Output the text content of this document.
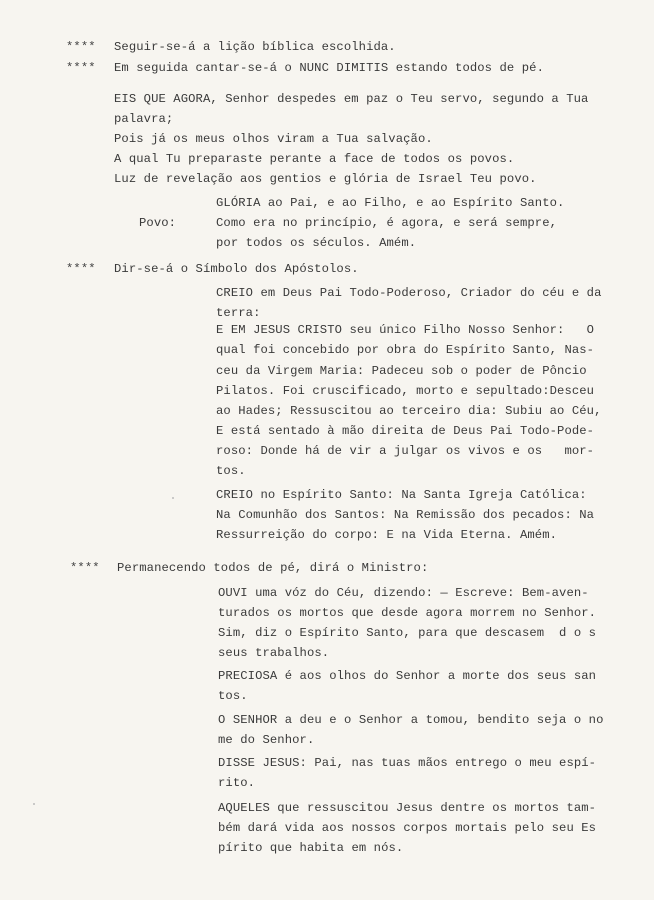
**** Seguir-se-á a lição bíblica escolhida.
**** Em seguida cantar-se-á o NUNC DIMITIS estando todos de pé.
EIS QUE AGORA, Senhor despedes em paz o Teu servo, segundo a Tua
palavra;
Pois já os meus olhos viram a Tua salvação.
A qual Tu preparaste perante a face de todos os povos.
Luz de revelação aos gentios e glória de Israel Teu povo.
GLÓRIA ao Pai, e ao Filho, e ao Espírito Santo.
Povo:	Como era no princípio, é agora, e será sempre,
por todos os séculos. Amém.
**** Dir-se-á o Símbolo dos Apóstolos.
CREIO em Deus Pai Todo-Poderoso, Criador do céu e da
terra:
E EM JESUS CRISTO seu único Filho Nosso Senhor:   O
qual foi concebido por obra do Espírito Santo, Nas-
ceu da Virgem Maria: Padeceu sob o poder de Pôncio
Pilatos. Foi cruscificado, morto e sepultado:Desceu
ao Hades; Ressuscitou ao terceiro dia: Subiu ao Céu,
E está sentado à mão direita de Deus Pai Todo-Pode-
roso: Donde há de vir a julgar os vivos e os   mor-
tos.
CREIO no Espírito Santo: Na Santa Igreja Católica:
Na Comunhão dos Santos: Na Remissão dos pecados: Na
Ressurreição do corpo: E na Vida Eterna. Amém.
**** Permanecendo todos de pé, dirá o Ministro:
OUVI uma vóz do Céu, dizendo: — Escreve: Bem-aven-
turados os mortos que desde agora morrem no Senhor.
Sim, diz o Espírito Santo, para que descasem  d o s
seus trabalhos.
PRECIOSA é aos olhos do Senhor a morte dos seus san
tos.
O SENHOR a deu e o Senhor a tomou, bendito seja o no
me do Senhor.
DISSE JESUS: Pai, nas tuas mãos entrego o meu espí-
rito.
AQUELES que ressuscitou Jesus dentre os mortos tam-
bém dará vida aos nossos corpos mortais pelo seu Es
pírito que habita em nós.
